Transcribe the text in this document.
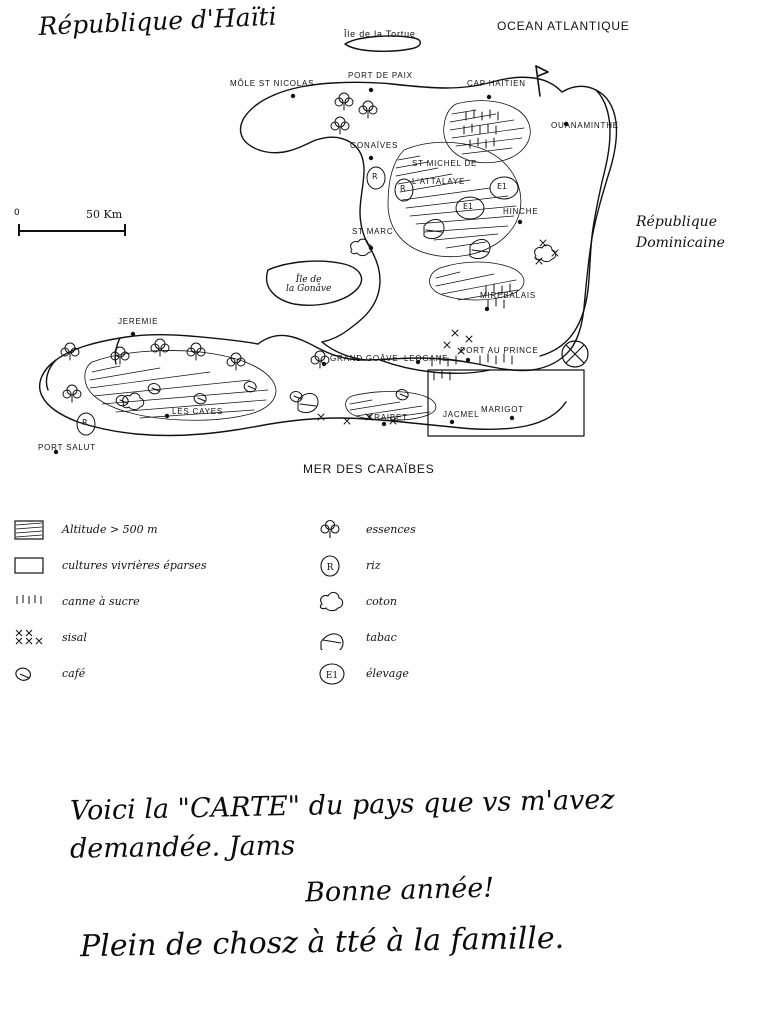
République d'Haïti	OCEAN ATLANTIQUE
MER DES CARAÏBES
République
Dominicaine
Île de la Tortue
Île de
la Gonâve
MÔLE ST NICOLAS
PORT DE PAIX
CAP HAÏTIEN
OUANAMINTHE
GONAÏVES
ST MICHEL DE
L'ATTALAYE
HINCHE
ST MARC
MIREBALAIS
JEREMIE
GRAND GOÂVE LEOGANE
PORT AU PRINCE
LES CAYES
PORT SALUT
KRAIBET	JACMEL
MARIGOT
E1
E1
R
R
R
0	50 Km
Altitude > 500 m
cultures vivrières éparses
canne à sucre
sisal
café
essences
R	riz
coton
tabac
E1	élevage
Voici la "CARTE" du pays que vs m'avez
demandée. Jams
Bonne année!
Plein de chosz à tté à la famille.
